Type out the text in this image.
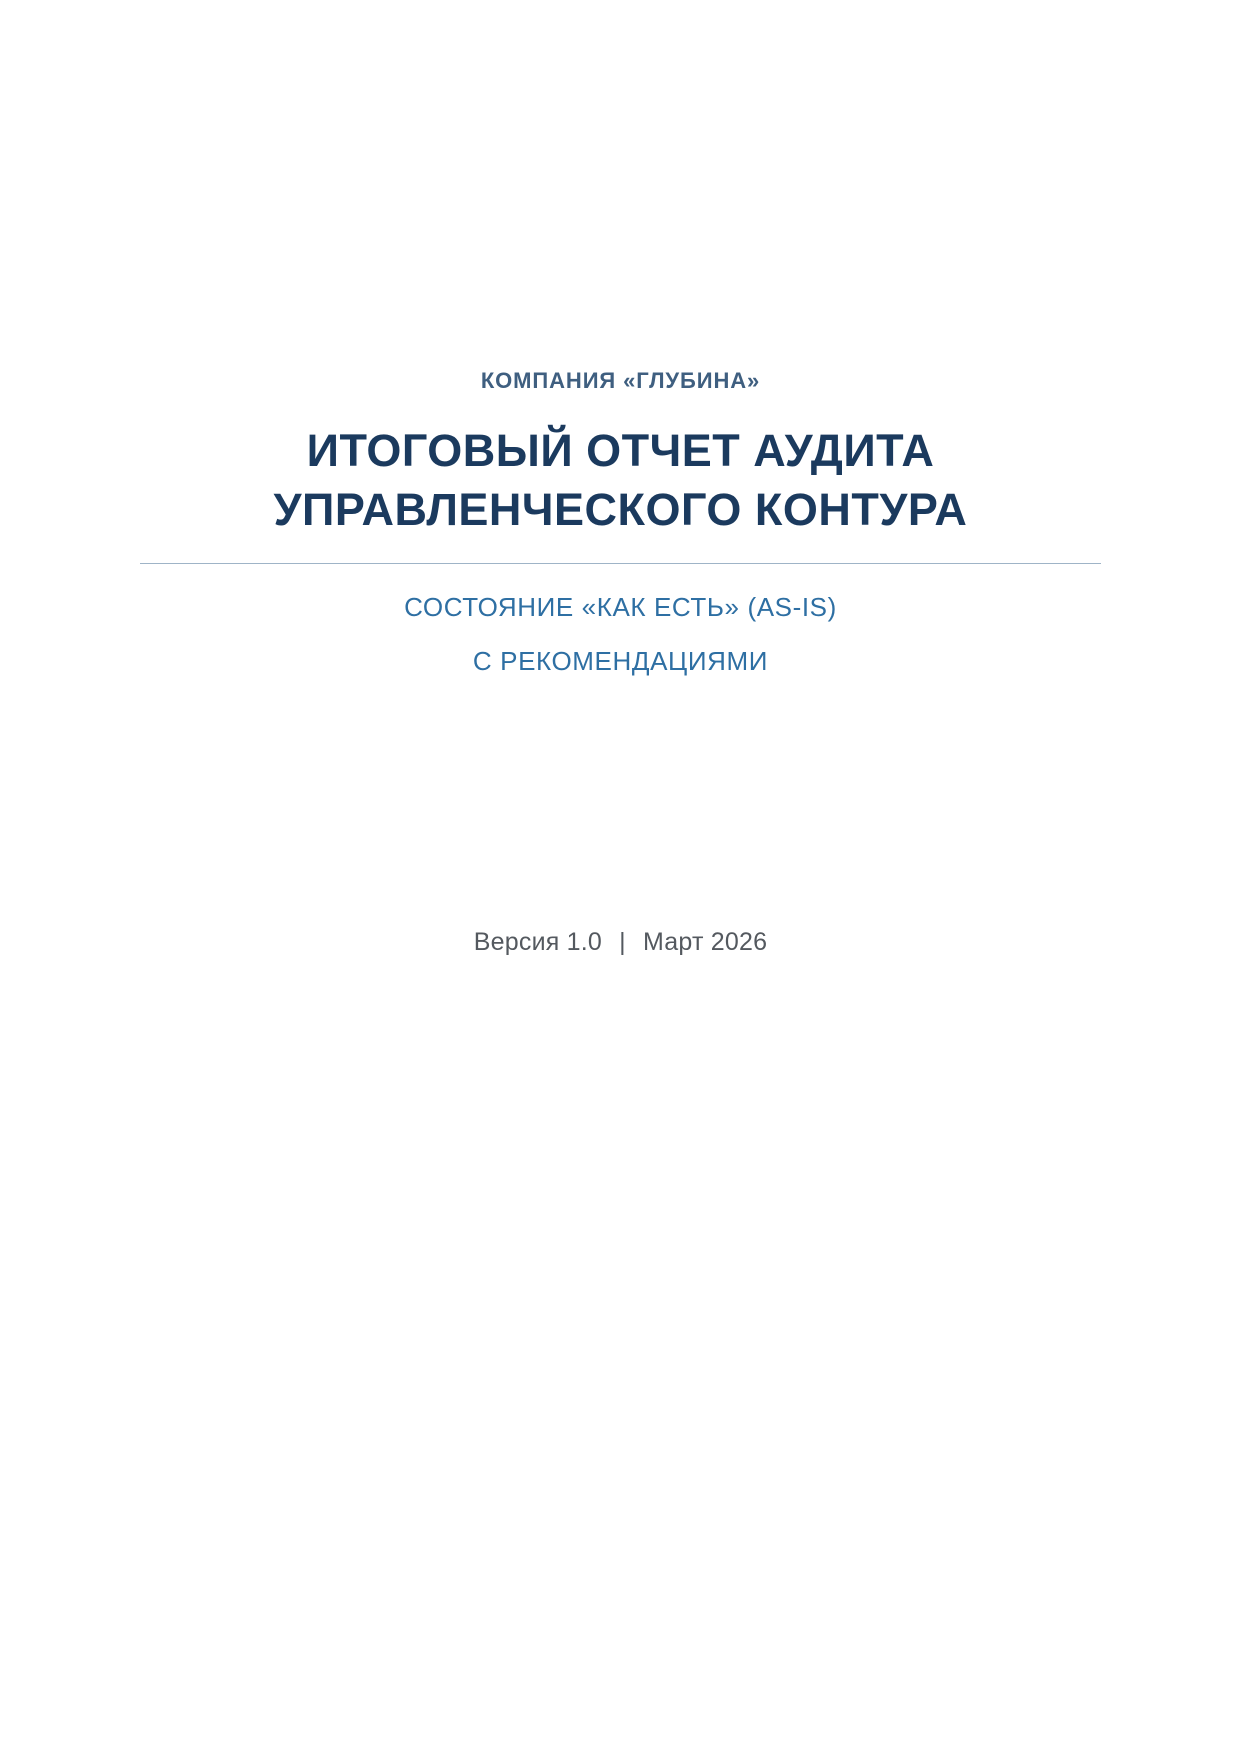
КОМПАНИЯ «ГЛУБИНА»
ИТОГОВЫЙ ОТЧЕТ АУДИТА
УПРАВЛЕНЧЕСКОГО КОНТУРА
СОСТОЯНИЕ «КАК ЕСТЬ» (AS-IS)
С РЕКОМЕНДАЦИЯМИ
Версия 1.0 | Март 2026
